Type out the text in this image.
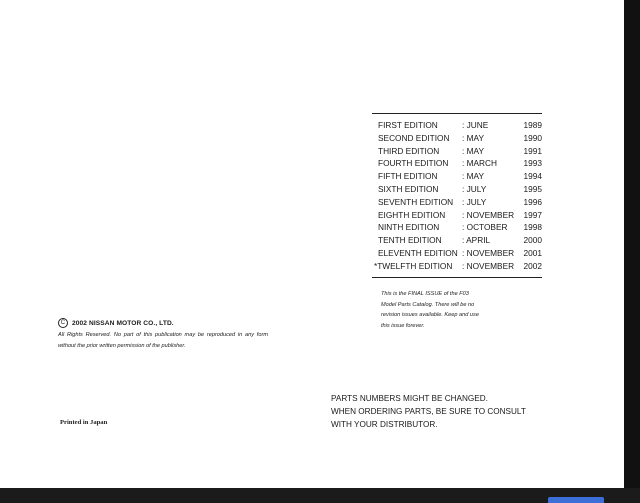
FIRST EDITION	: JUNE	1989
SECOND EDITION : MAY	1990
THIRD EDITION	: MAY	1991
FOURTH EDITION : MARCH	1993
FIFTH EDITION	: MAY	1994
SIXTH EDITION	: JULY	1995
SEVENTH EDITION : JULY	1996
EIGHTH EDITION : NOVEMBER 1997
NINTH EDITION	: OCTOBER 1998
TENTH EDITION : APRIL	2000
ELEVENTH EDITION : NOVEMBER 2001
*TWELFTH EDITION : NOVEMBER 2002
This is the FINAL ISSUE of the F03
Model Parts Catalog. There will be no
revision issues available. Keep and use
this issue forever.
C	2002 NISSAN MOTOR CO., LTD.
All Rights Reserved. No part of this publication may be reproduced in any form without the prior written permission of the publisher.
Printed in Japan
PARTS NUMBERS MIGHT BE CHANGED.
WHEN ORDERING PARTS, BE SURE TO CONSULT
WITH YOUR DISTRIBUTOR.
